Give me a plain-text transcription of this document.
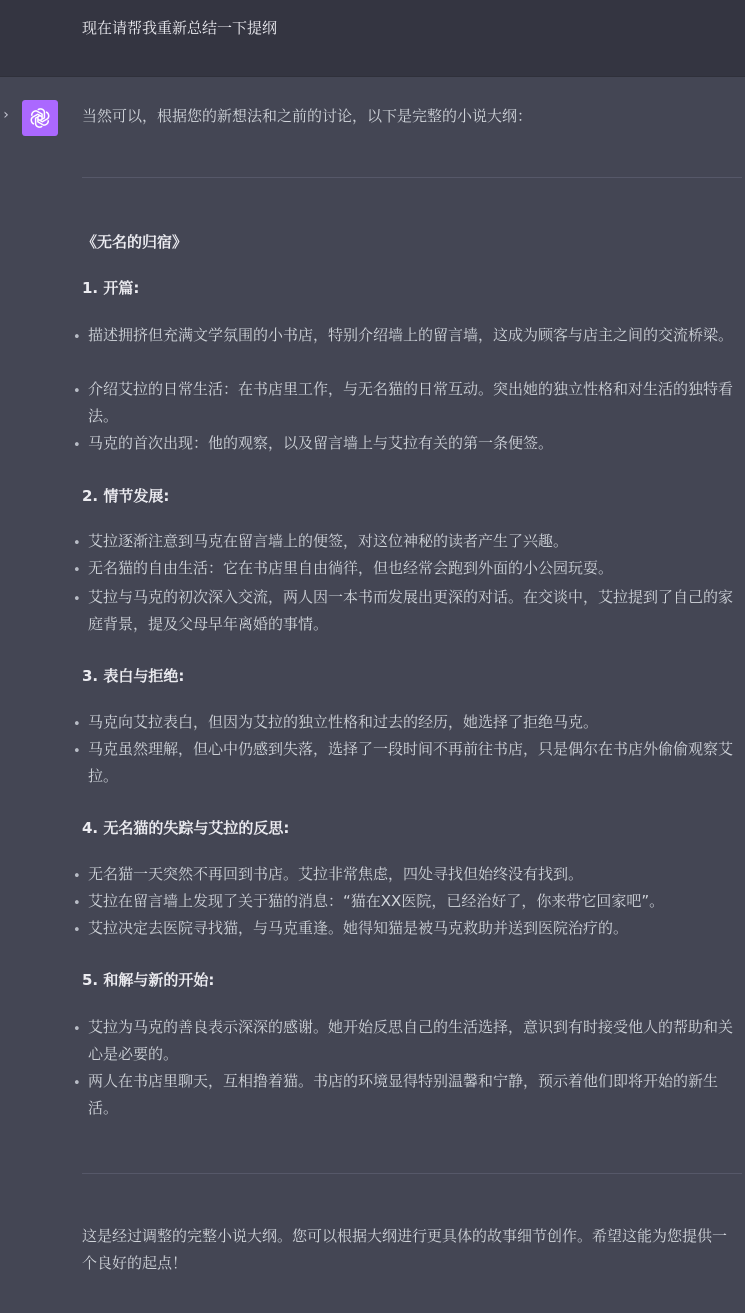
现在请帮我重新总结一下提纲
›	当然可以，根据您的新想法和之前的讨论，以下是完整的小说大纲：
《无名的归宿》
1. 开篇:
• 描述拥挤但充满文学氛围的小书店，特别介绍墙上的留言墙，这成为顾客与店主之间的交流桥梁。
• 介绍艾拉的日常生活：在书店里工作，与无名猫的日常互动。突出她的独立性格和对生活的独特看法。
• 马克的首次出现：他的观察，以及留言墙上与艾拉有关的第一条便签。
2. 情节发展:
• 艾拉逐渐注意到马克在留言墙上的便签，对这位神秘的读者产生了兴趣。
• 无名猫的自由生活：它在书店里自由徜徉，但也经常会跑到外面的小公园玩耍。
• 艾拉与马克的初次深入交流，两人因一本书而发展出更深的对话。在交谈中，艾拉提到了自己的家庭背景，提及父母早年离婚的事情。
3. 表白与拒绝:
• 马克向艾拉表白，但因为艾拉的独立性格和过去的经历，她选择了拒绝马克。
• 马克虽然理解，但心中仍感到失落，选择了一段时间不再前往书店，只是偶尔在书店外偷偷观察艾拉。
4. 无名猫的失踪与艾拉的反思:
• 无名猫一天突然不再回到书店。艾拉非常焦虑，四处寻找但始终没有找到。
• 艾拉在留言墙上发现了关于猫的消息：“猫在XX医院，已经治好了，你来带它回家吧”。
• 艾拉决定去医院寻找猫，与马克重逢。她得知猫是被马克救助并送到医院治疗的。
5. 和解与新的开始:
• 艾拉为马克的善良表示深深的感谢。她开始反思自己的生活选择，意识到有时接受他人的帮助和关心是必要的。
• 两人在书店里聊天，互相撸着猫。书店的环境显得特别温馨和宁静，预示着他们即将开始的新生活。
这是经过调整的完整小说大纲。您可以根据大纲进行更具体的故事细节创作。希望这能为您提供一个良好的起点！
